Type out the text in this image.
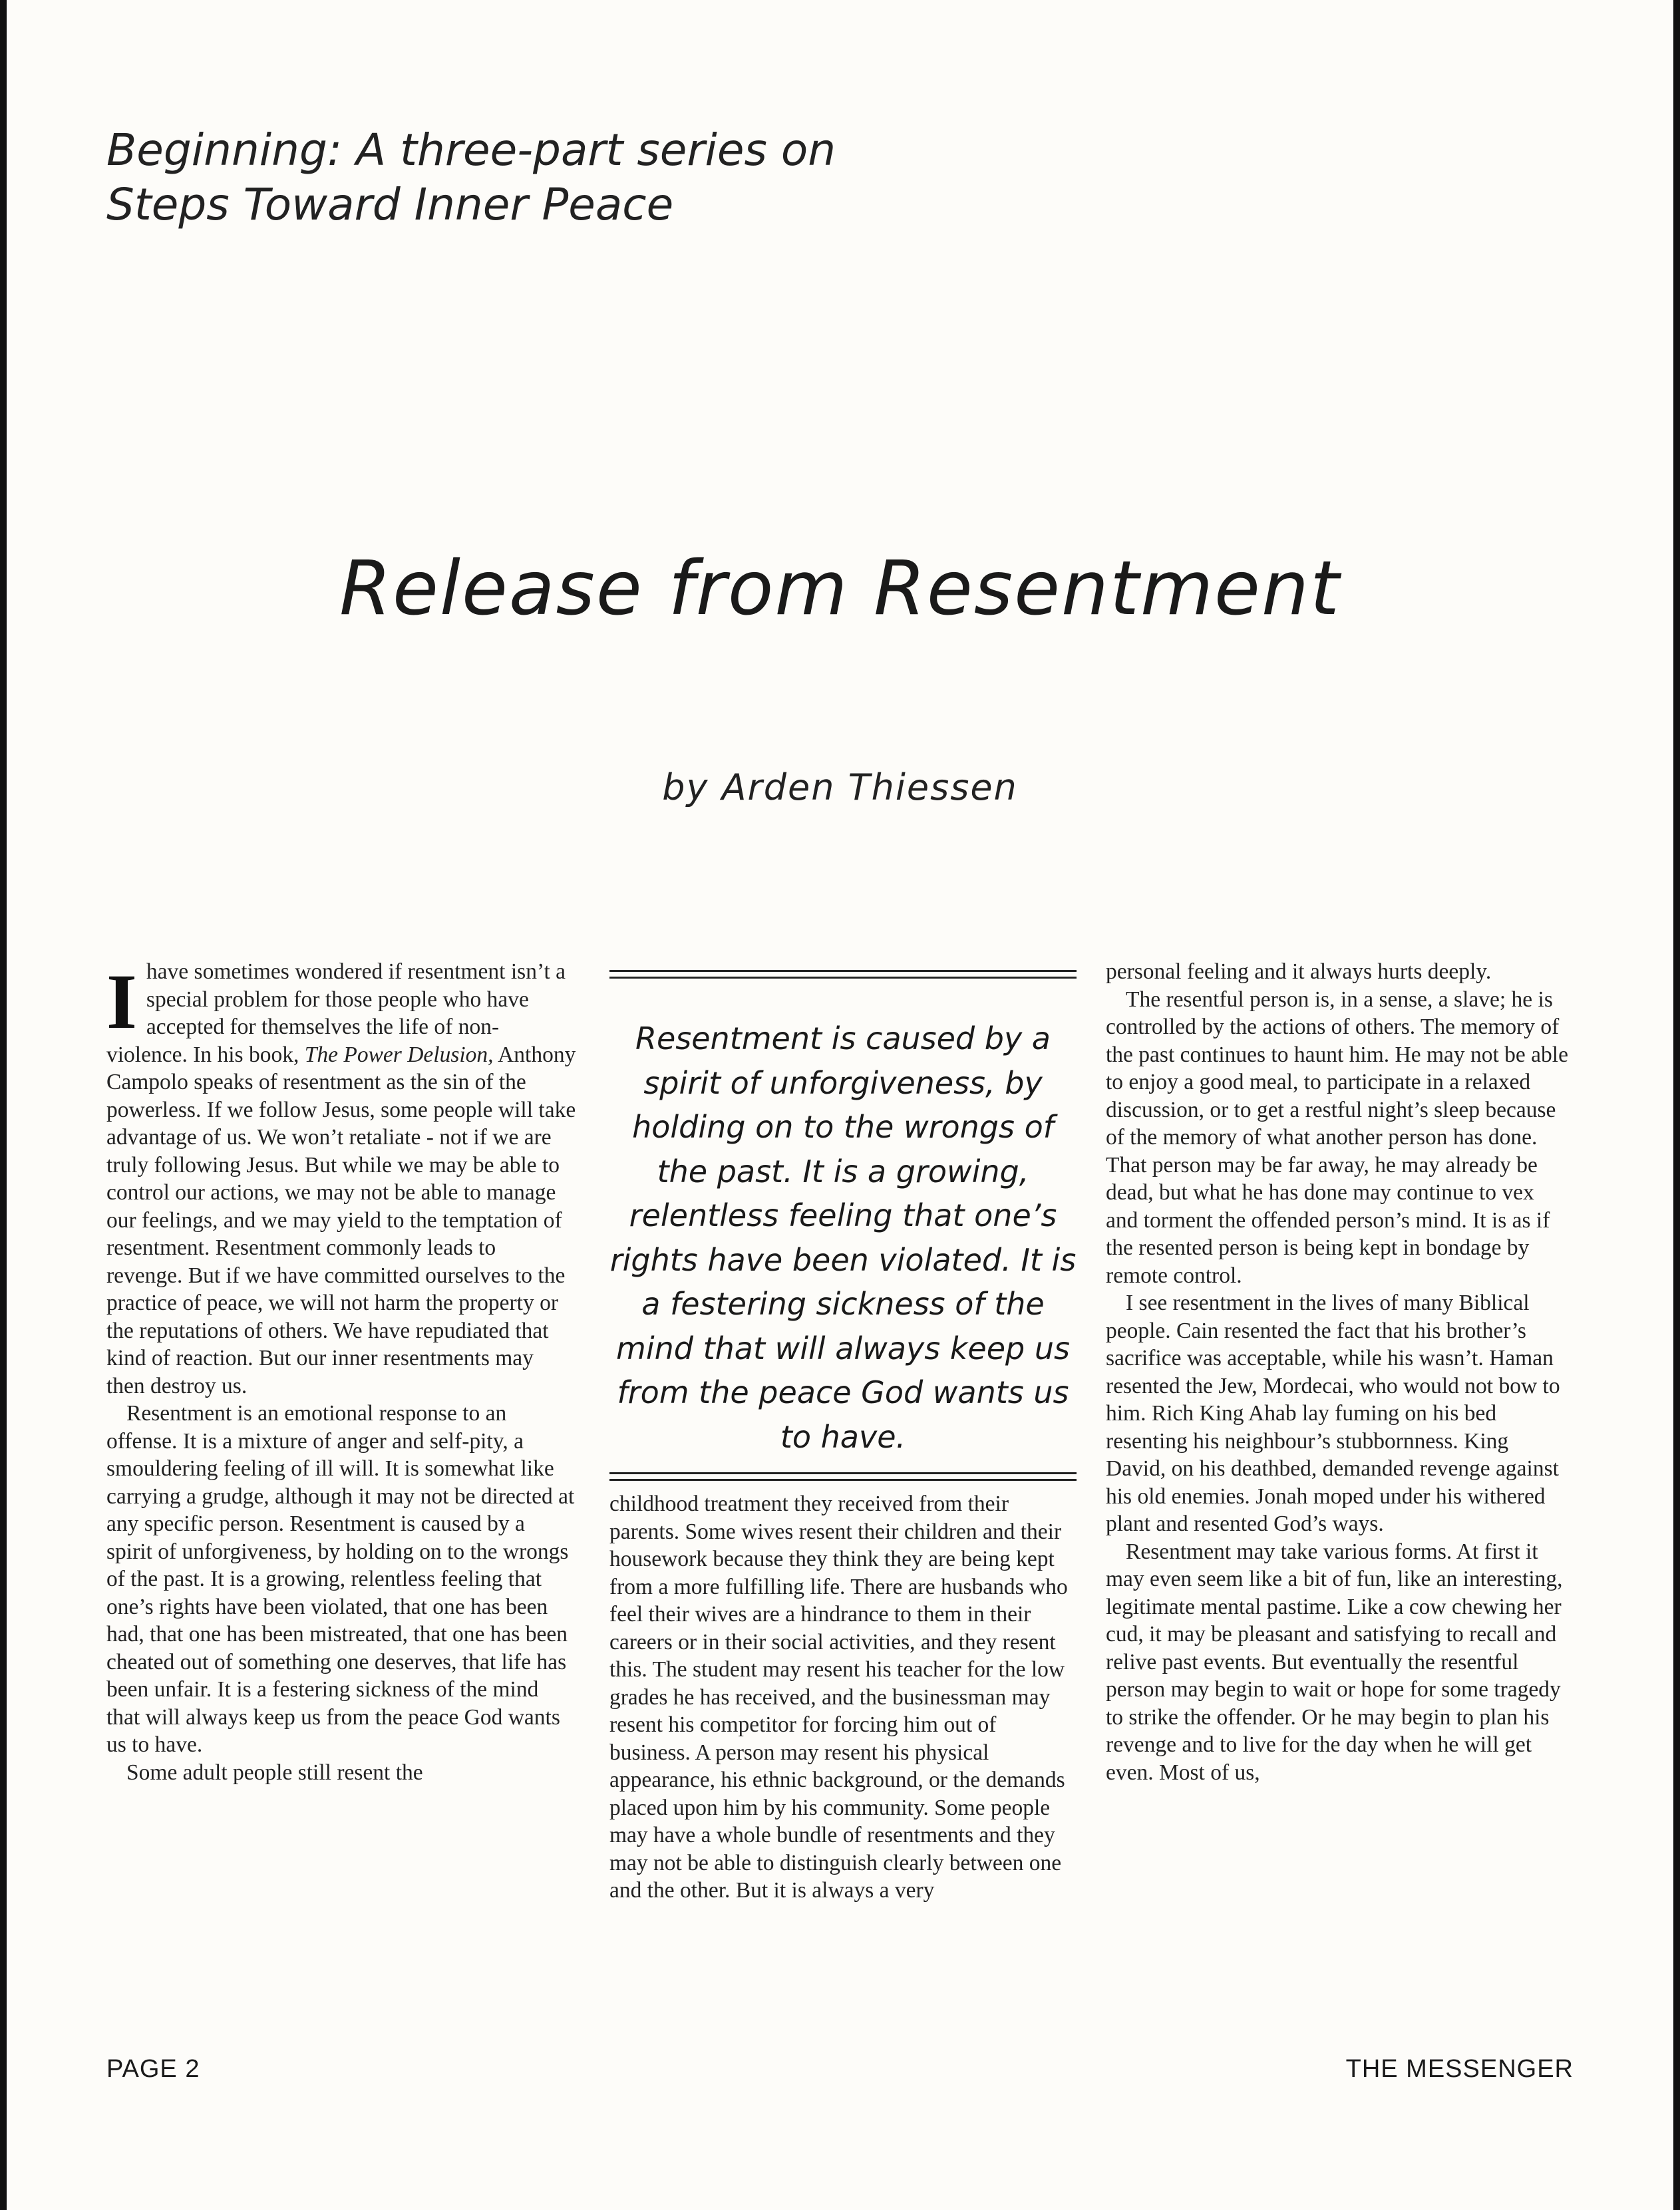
Beginning: A three-part series on
Steps Toward Inner Peace
Release from Resentment
by Arden Thiessen

Ihave sometimes wondered if resentment isn’t a special problem for those people who have accepted for themselves the life of non-violence. In his book, The Power Delusion, Anthony Campolo speaks of resentment as the sin of the powerless. If we follow Jesus, some people will take advantage of us. We won’t retaliate - not if we are truly following Jesus. But while we may be able to control our actions, we may not be able to manage our feelings, and we may yield to the temptation of resentment. Resentment commonly leads to revenge. But if we have committed ourselves to the practice of peace, we will not harm the property or the reputations of others. We have repudiated that kind of reaction. But our inner resentments may then destroy us.

Resentment is an emotional response to an offense. It is a mixture of anger and self-pity, a smouldering feeling of ill will. It is somewhat like carrying a grudge, although it may not be directed at any specific person. Resentment is caused by a spirit of unforgiveness, by holding on to the wrongs of the past. It is a growing, relentless feeling that one’s rights have been violated, that one has been had, that one has been mistreated, that one has been cheated out of something one deserves, that life has been unfair. It is a festering sickness of the mind that will always keep us from the peace God wants us to have.

Some adult people still resent the

Resentment is caused by a spirit of unforgiveness, by holding on to the wrongs of the past. It is a growing, relentless feeling that one’s rights have been violated. It is a festering sickness of the mind that will always keep us from the peace God wants us to have.

childhood treatment they received from their parents. Some wives resent their children and their housework because they think they are being kept from a more fulfilling life. There are husbands who feel their wives are a hindrance to them in their careers or in their social activities, and they resent this. The student may resent his teacher for the low grades he has received, and the businessman may resent his competitor for forcing him out of business. A person may resent his physical appearance, his ethnic background, or the demands placed upon him by his community. Some people may have a whole bundle of resentments and they may not be able to distinguish clearly between one and the other. But it is always a very

personal feeling and it always hurts deeply.

The resentful person is, in a sense, a slave; he is controlled by the actions of others. The memory of the past continues to haunt him. He may not be able to enjoy a good meal, to participate in a relaxed discussion, or to get a restful night’s sleep because of the memory of what another person has done. That person may be far away, he may already be dead, but what he has done may continue to vex and torment the offended person’s mind. It is as if the resented person is being kept in bondage by remote control.

I see resentment in the lives of many Biblical people. Cain resented the fact that his brother’s sacrifice was acceptable, while his wasn’t. Haman resented the Jew, Mordecai, who would not bow to him. Rich King Ahab lay fuming on his bed resenting his neighbour’s stubbornness. King David, on his deathbed, demanded revenge against his old enemies. Jonah moped under his withered plant and resented God’s ways.

Resentment may take various forms. At first it may even seem like a bit of fun, like an interesting, legitimate mental pastime. Like a cow chewing her cud, it may be pleasant and satisfying to recall and relive past events. But eventually the resentful person may begin to wait or hope for some tragedy to strike the offender. Or he may begin to plan his revenge and to live for the day when he will get even. Most of us,

PAGE 2	THE MESSENGER
